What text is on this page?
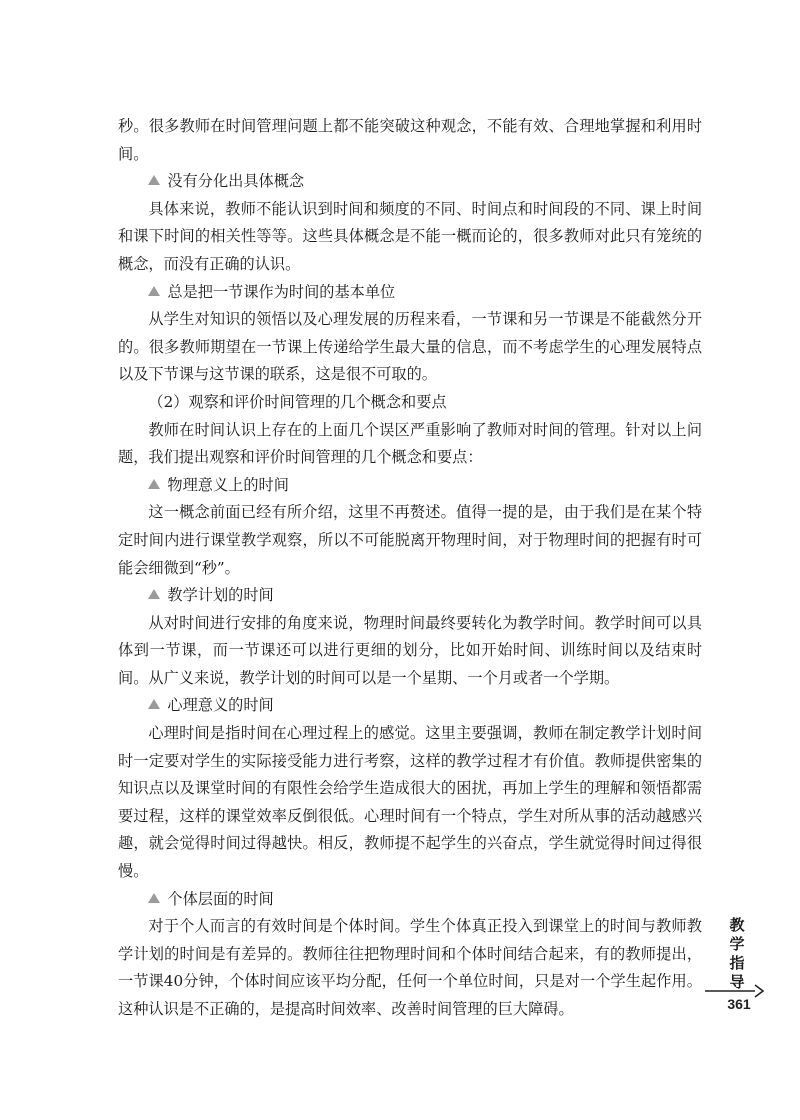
秒。很多教师在时间管理问题上都不能突破这种观念，不能有效、合理地掌握和利用时间。

没有分化出具体概念

具体来说，教师不能认识到时间和频度的不同、时间点和时间段的不同、课上时间和课下时间的相关性等等。这些具体概念是不能一概而论的，很多教师对此只有笼统的概念，而没有正确的认识。

总是把一节课作为时间的基本单位

从学生对知识的领悟以及心理发展的历程来看，一节课和另一节课是不能截然分开的。很多教师期望在一节课上传递给学生最大量的信息，而不考虑学生的心理发展特点以及下节课与这节课的联系，这是很不可取的。

（2）观察和评价时间管理的几个概念和要点

教师在时间认识上存在的上面几个误区严重影响了教师对时间的管理。针对以上问题，我们提出观察和评价时间管理的几个概念和要点：

物理意义上的时间

这一概念前面已经有所介绍，这里不再赘述。值得一提的是，由于我们是在某个特定时间内进行课堂教学观察，所以不可能脱离开物理时间，对于物理时间的把握有时可能会细微到“秒”。

教学计划的时间

从对时间进行安排的角度来说，物理时间最终要转化为教学时间。教学时间可以具体到一节课，而一节课还可以进行更细的划分，比如开始时间、训练时间以及结束时间。从广义来说，教学计划的时间可以是一个星期、一个月或者一个学期。

心理意义的时间

心理时间是指时间在心理过程上的感觉。这里主要强调，教师在制定教学计划时间时一定要对学生的实际接受能力进行考察，这样的教学过程才有价值。教师提供密集的知识点以及课堂时间的有限性会给学生造成很大的困扰，再加上学生的理解和领悟都需要过程，这样的课堂效率反倒很低。心理时间有一个特点，学生对所从事的活动越感兴趣，就会觉得时间过得越快。相反，教师提不起学生的兴奋点，学生就觉得时间过得很慢。

个体层面的时间

对于个人而言的有效时间是个体时间。学生个体真正投入到课堂上的时间与教师教学计划的时间是有差异的。教师往往把物理时间和个体时间结合起来，有的教师提出，一节课40分钟，个体时间应该平均分配，任何一个单位时间，只是对一个学生起作用。这种认识是不正确的，是提高时间效率、改善时间管理的巨大障碍。

教
学
指
导
361
